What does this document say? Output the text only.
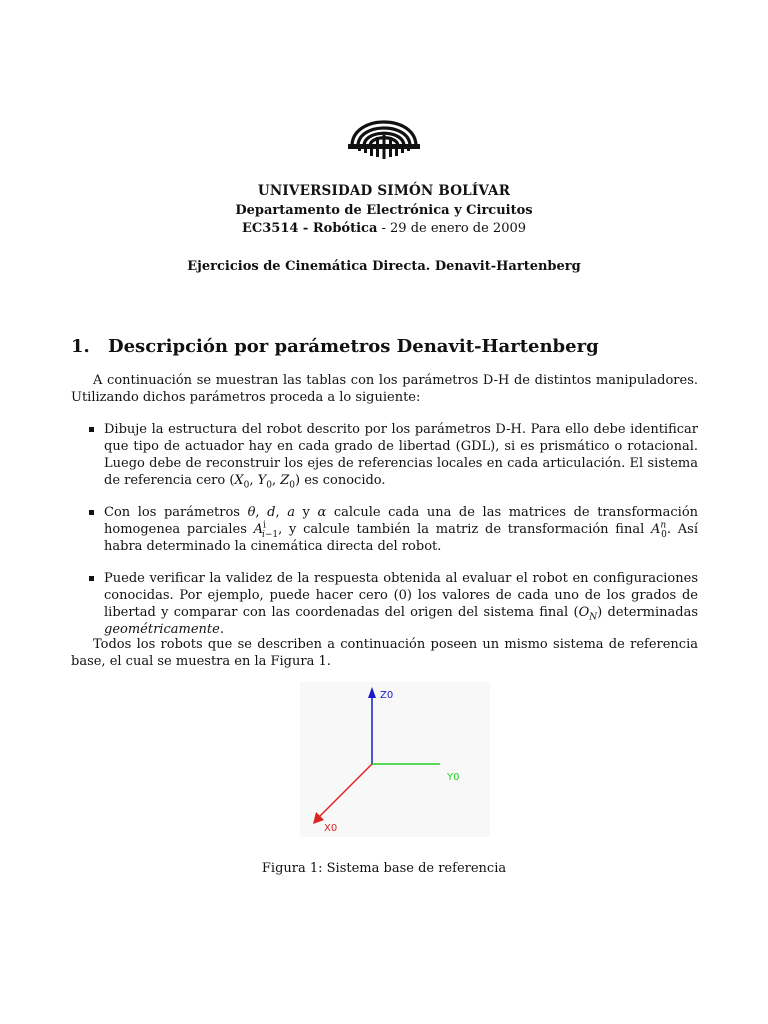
UNIVERSIDAD SIMÓN BOLÍVAR
Departamento de Electrónica y Circuitos
EC3514 - Robótica - 29 de enero de 2009
Ejercicios de Cinemática Directa. Denavit-Hartenberg
1. Descripción por parámetros Denavit-Hartenberg

A continuación se muestran las tablas con los parámetros D-H de distintos manipuladores. Utilizando dichos parámetros proceda a lo siguiente:

Dibuje la estructura del robot descrito por los parámetros D-H. Para ello debe identificar que tipo de actuador hay en cada grado de libertad (GDL), si es prismático o rotacional. Luego debe de reconstruir los ejes de referencias locales en cada articulación. El sistema de referencia cero ($X_0$, $Y_0$, $Z_0$) es conocido.
Con los parámetros θ, d, a y α calcule cada una de las matrices de transformación homogenea parciales $A^i_{i-1}$, y calcule también la matriz de transformación final $A^n_0$. Así habra determinado la cinemática directa del robot.
Puede verificar la validez de la respuesta obtenida al evaluar el robot en configuraciones conocidas. Por ejemplo, puede hacer cero (0) los valores de cada uno de los grados de libertad y comparar con las coordenadas del origen del sistema final $(O_N)$ determinadas geométricamente.

Todos los robots que se describen a continuación poseen un mismo sistema de referencia base, el cual se muestra en la Figura 1.

Z0
Y0
X0
Figura 1: Sistema base de referencia
